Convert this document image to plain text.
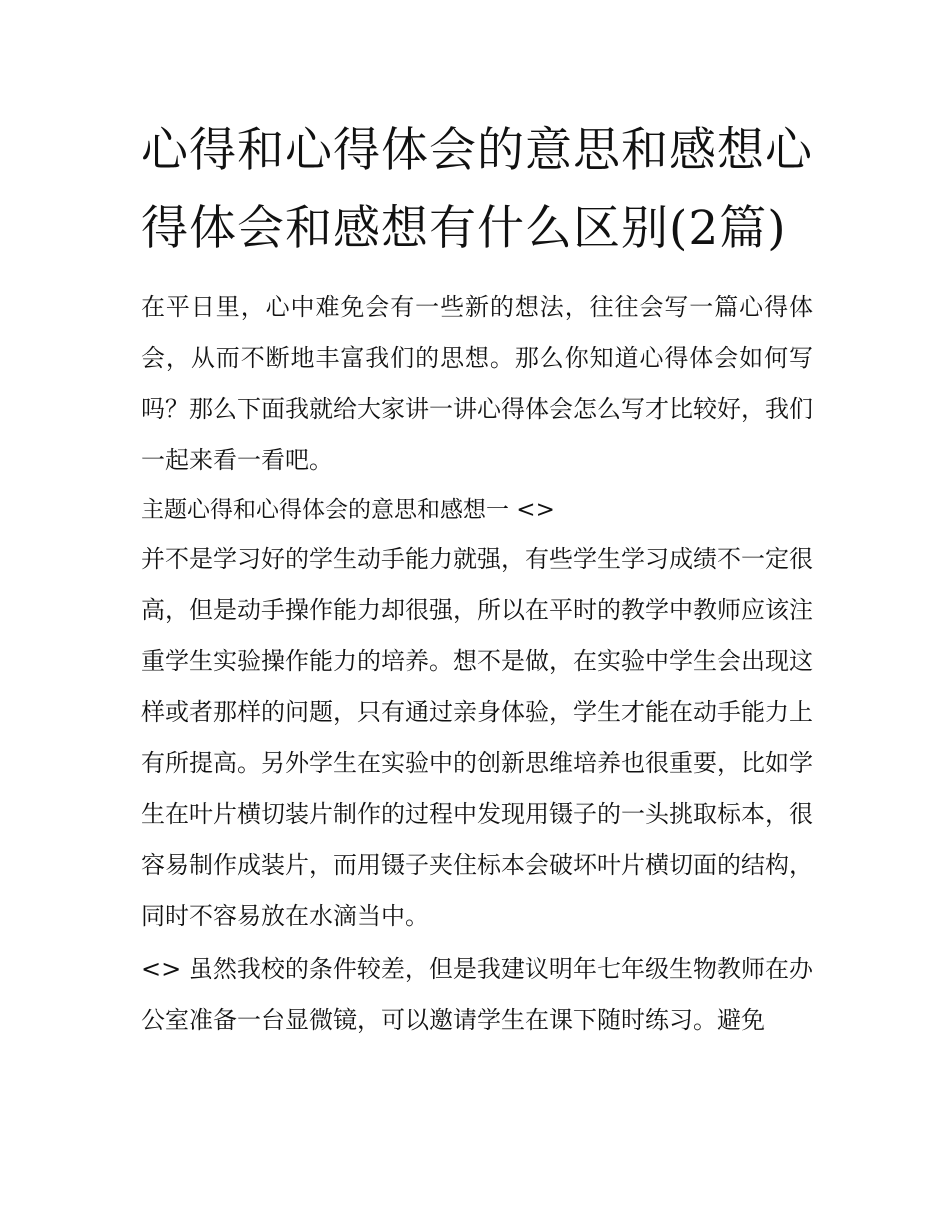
心得和心得体会的意思和感想心得体会和感想有什么区别(2篇)

在平日里，心中难免会有一些新的想法，往往会写一篇心得体会，从而不断地丰富我们的思想。那么你知道心得体会如何写吗？那么下面我就给大家讲一讲心得体会怎么写才比较好，我们一起来看一看吧。

主题心得和心得体会的意思和感想一 <>

并不是学习好的学生动手能力就强，有些学生学习成绩不一定很高，但是动手操作能力却很强，所以在平时的教学中教师应该注重学生实验操作能力的培养。想不是做，在实验中学生会出现这样或者那样的问题，只有通过亲身体验，学生才能在动手能力上有所提高。另外学生在实验中的创新思维培养也很重要，比如学生在叶片横切装片制作的过程中发现用镊子的一头挑取标本，很容易制作成装片，而用镊子夹住标本会破坏叶片横切面的结构，同时不容易放在水滴当中。

<> 虽然我校的条件较差，但是我建议明年七年级生物教师在办公室准备一台显微镜，可以邀请学生在课下随时练习。避免
